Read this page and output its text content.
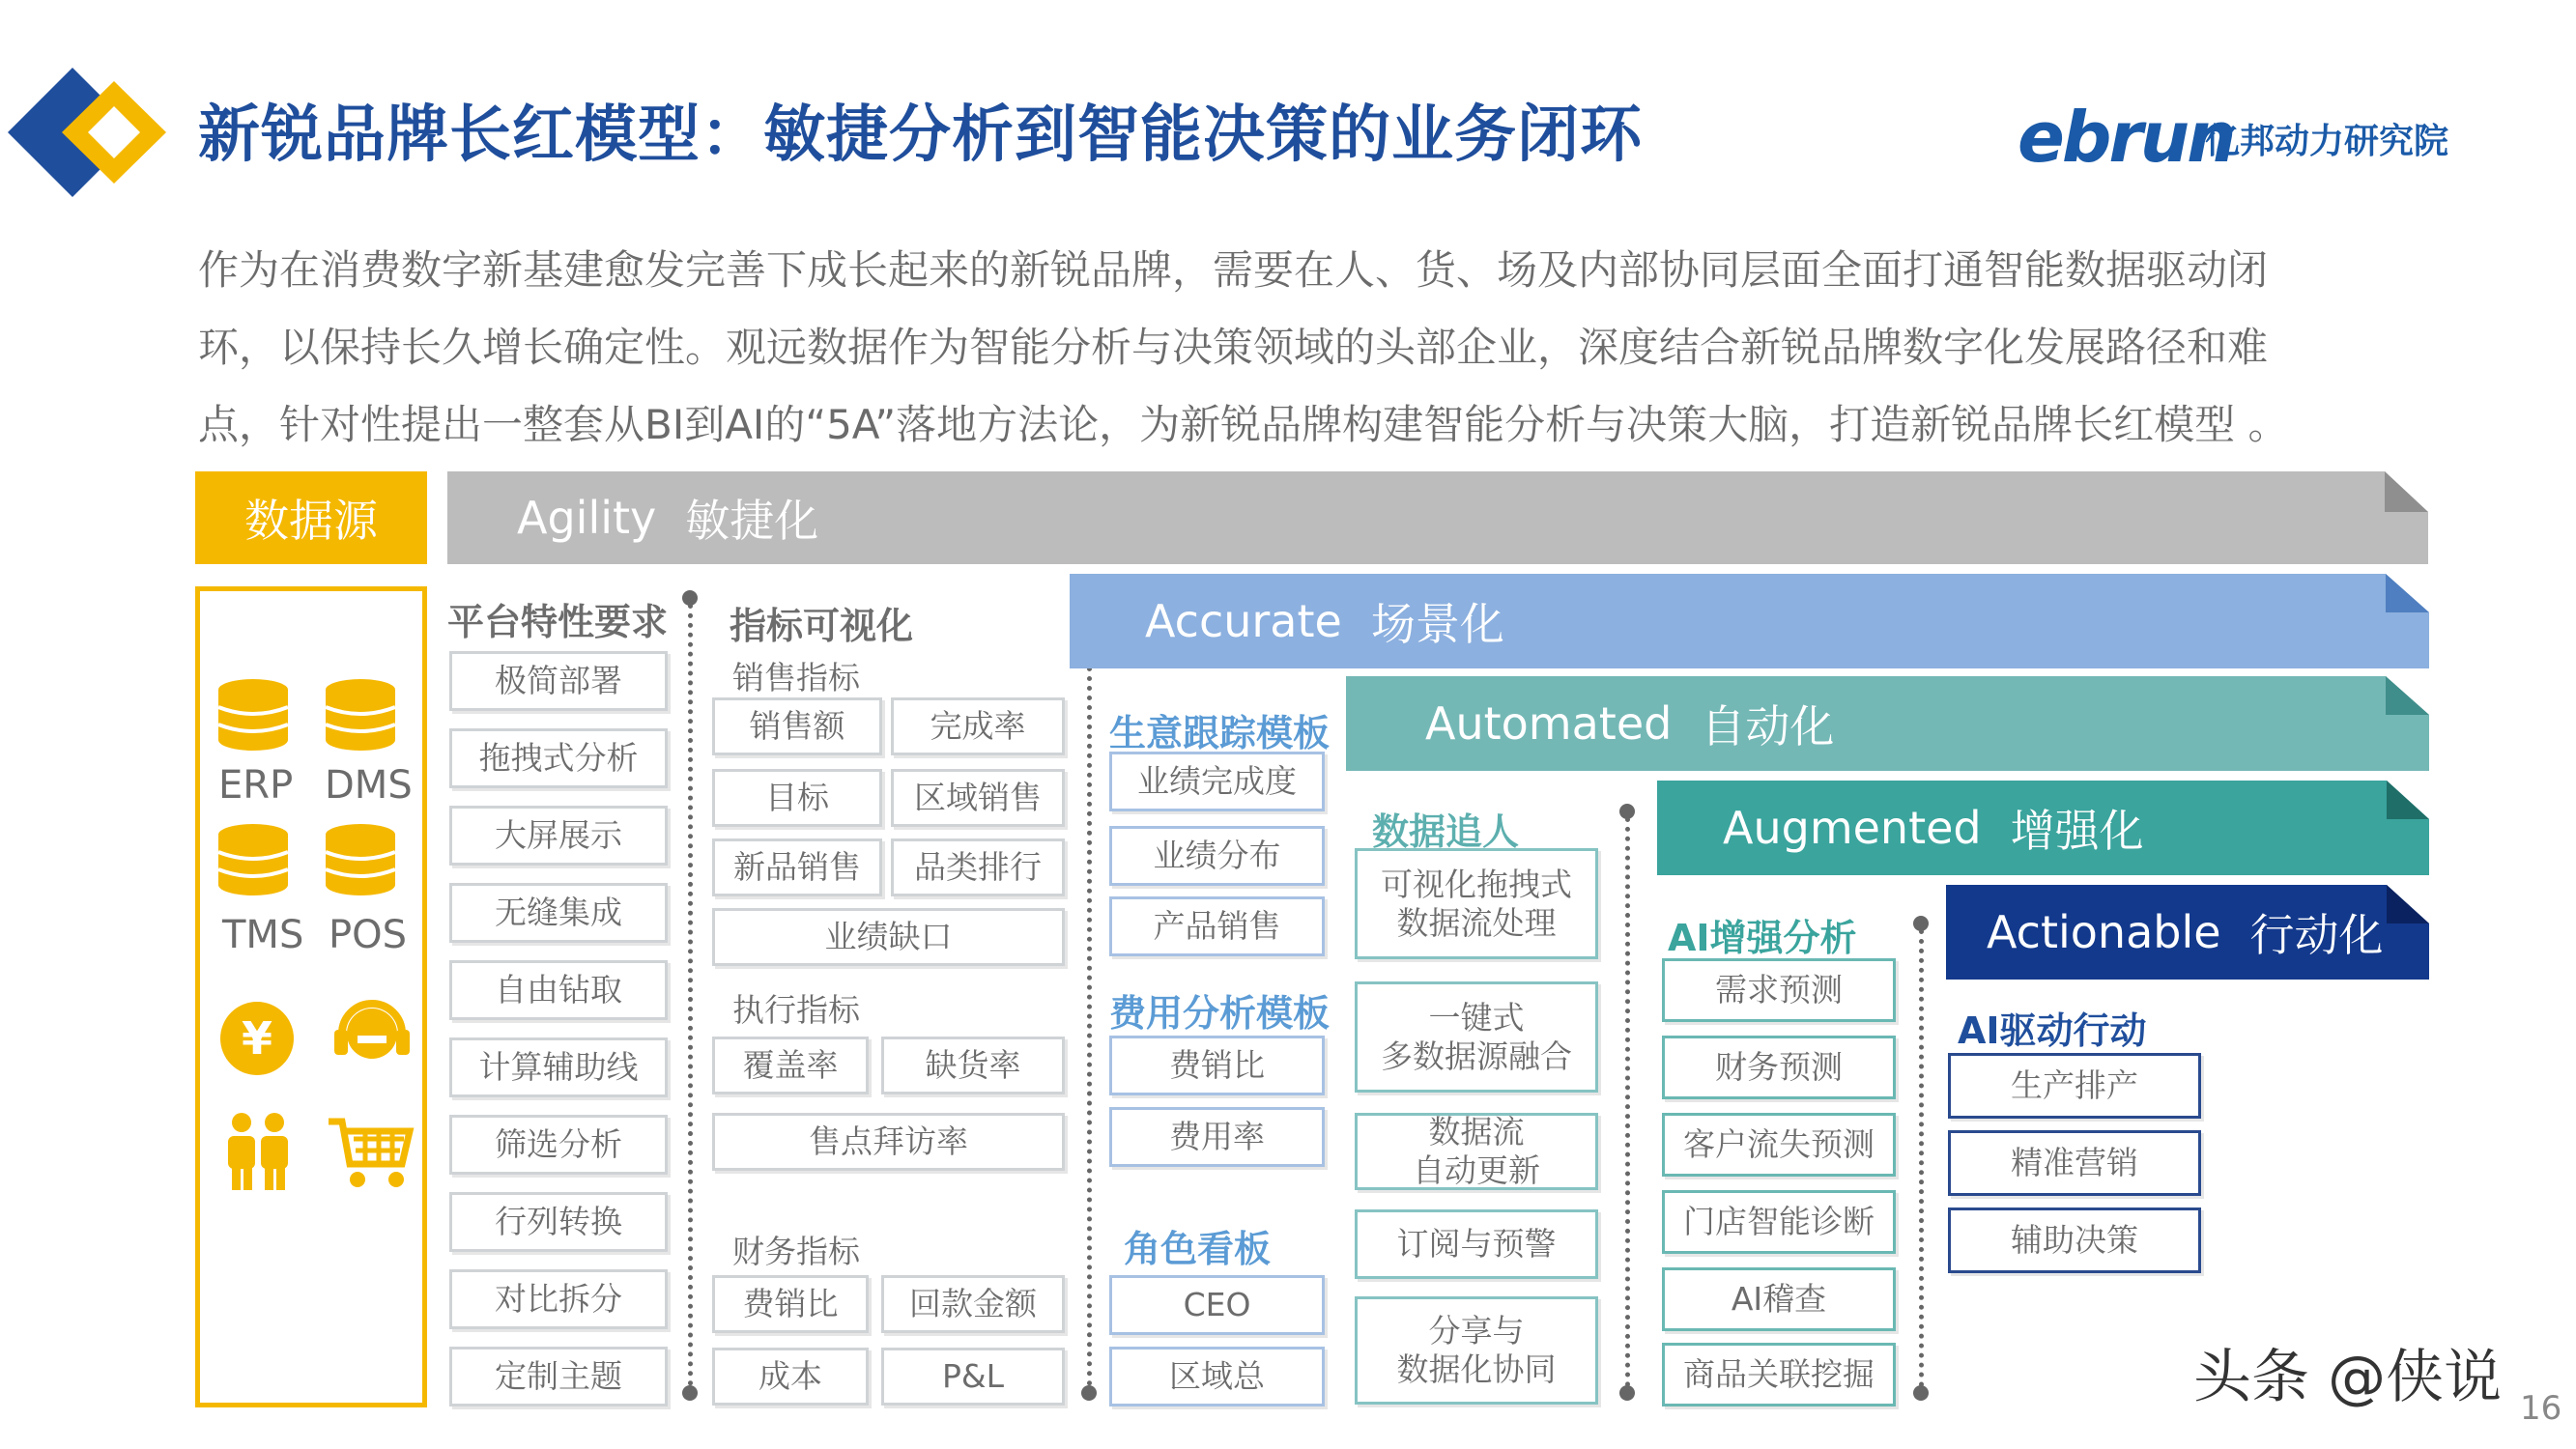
新锐品牌长红模型：敏捷分析到智能决策的业务闭环	ebrun
亿邦动力研究院

作为在消费数字新基建愈发完善下成长起来的新锐品牌，需要在人、货、场及内部协同层面全面打通智能数据驱动闭

环，以保持长久增长确定性。观远数据作为智能分析与决策领域的头部企业，深度结合新锐品牌数字化发展路径和难

点，针对性提出一整套从BI到AI的“5A”落地方法论，为新锐品牌构建智能分析与决策大脑，打造新锐品牌长红模型 。

数据源	Agility 敏捷化
ERP DMS
TMS POS
¥
平台特性要求
极简部署
拖拽式分析
大屏展示
无缝集成
自由钻取
计算辅助线
筛选分析
行列转换
对比拆分
定制主题
指标可视化
销售指标
销售额	完成率
目标	区域销售
新品销售	品类排行
业绩缺口
执行指标
覆盖率	缺货率
售点拜访率
财务指标
费销比	回款金额
成本	P&L
Accurate 场景化
生意跟踪模板
业绩完成度
业绩分布
产品销售
费用分析模板
费销比
费用率
角色看板
CEO
区域总
Automated 自动化
数据追人
可视化拖拽式
数据流处理
一键式
多数据源融合
数据流
自动更新
订阅与预警
分享与
数据化协同
Augmented 增强化
AI增强分析
需求预测
财务预测
客户流失预测
门店智能诊断
AI稽查
商品关联挖掘
Actionable 行动化
AI驱动行动
生产排产
精准营销
辅助决策
头条 @侠说 16
